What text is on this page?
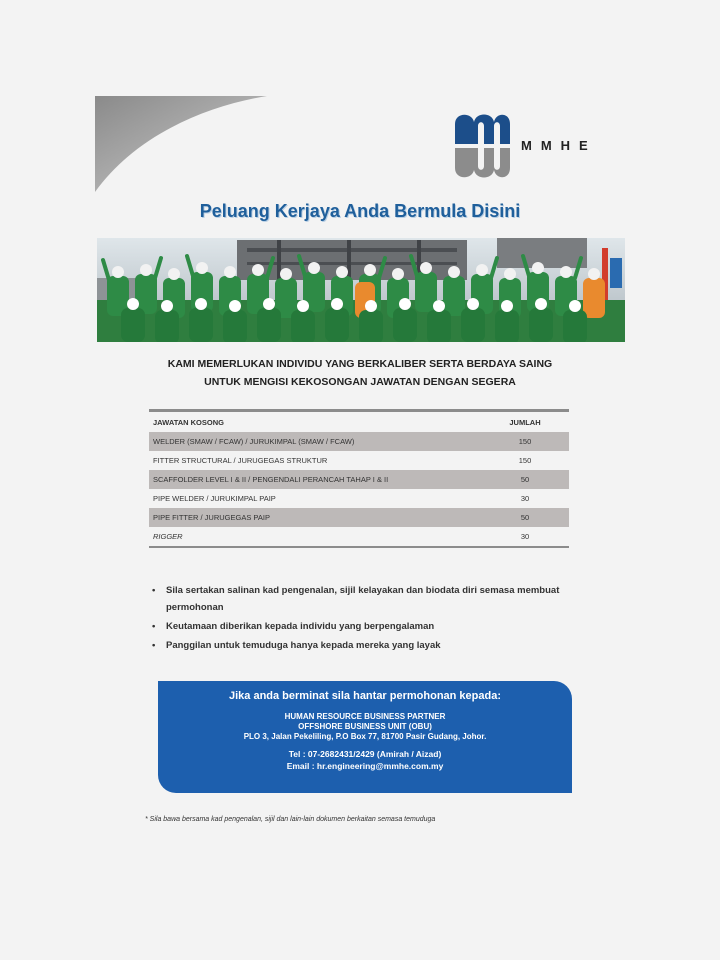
MMHE
Peluang Kerjaya Anda Bermula Disini
KAMI MEMERLUKAN INDIVIDU YANG BERKALIBER SERTA BERDAYA SAING
UNTUK MENGISI KEKOSONGAN JAWATAN DENGAN SEGERA
JAWATAN KOSONG	JUMLAH
WELDER (SMAW / FCAW) / JURUKIMPAL (SMAW / FCAW)	150
FITTER STRUCTURAL / JURUGEGAS STRUKTUR	150
SCAFFOLDER LEVEL I & II / PENGENDALI PERANCAH TAHAP I & II	50
PIPE WELDER / JURUKIMPAL PAIP	30
PIPE FITTER / JURUGEGAS PAIP	50
RIGGER	30
• Sila sertakan salinan kad pengenalan, sijil kelayakan dan biodata diri semasa membuat
permohonan
• Keutamaan diberikan kepada individu yang berpengalaman
• Panggilan untuk temuduga hanya kepada mereka yang layak
Jika anda berminat sila hantar permohonan kepada:
HUMAN RESOURCE BUSINESS PARTNER
OFFSHORE BUSINESS UNIT (OBU)
PLO 3, Jalan Pekeliling, P.O Box 77, 81700 Pasir Gudang, Johor.
Tel : 07-2682431/2429 (Amirah / Aizad)
Email : hr.engineering@mmhe.com.my
* Sila bawa bersama kad pengenalan, sijil dan lain-lain dokumen berkaitan semasa temuduga
